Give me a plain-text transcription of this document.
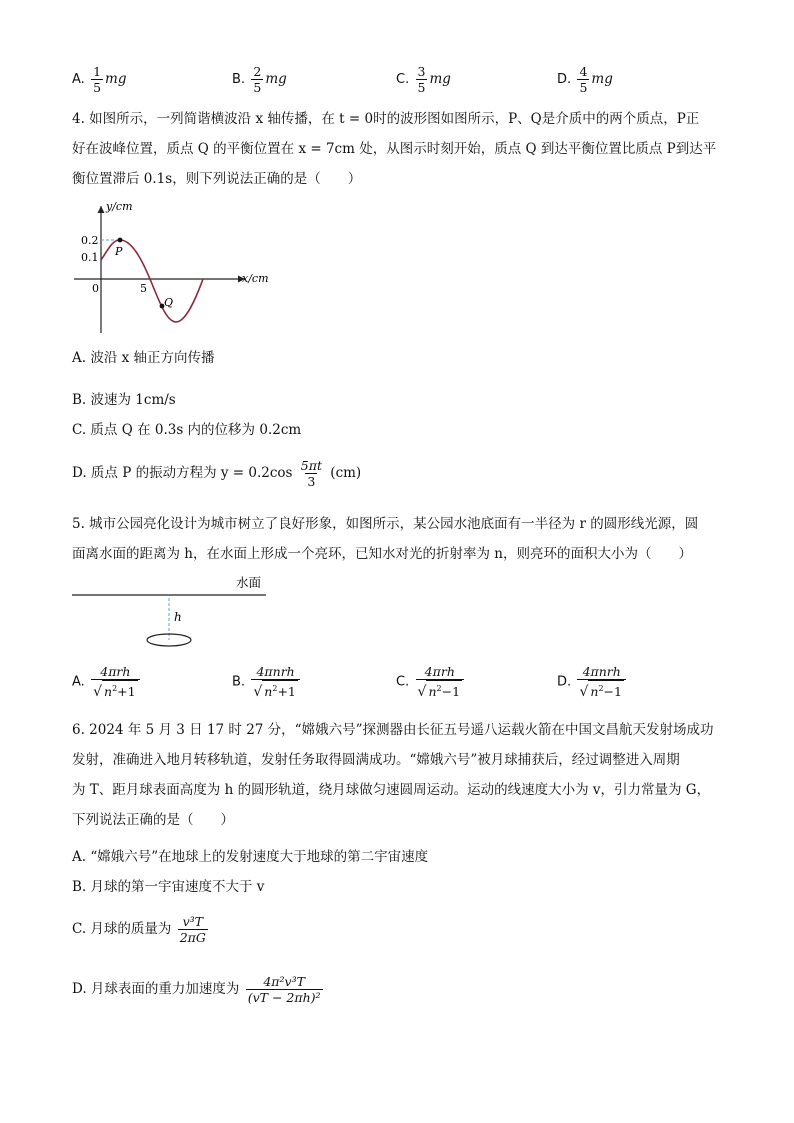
A. $\frac{1}{5}$ mg	B. $\frac{2}{5}$ mg	C. $\frac{3}{5}$ mg	D. $\frac{4}{5}$ mg
4. 如图所示，一列简谐横波沿 x 轴传播，在 t = 0时的波形图如图所示，P、Q是介质中的两个质点，P正
好在波峰位置，质点 Q 的平衡位置在 x = 7cm 处，从图示时刻开始，质点 Q 到达平衡位置比质点 P到达平
衡位置滞后 0.1s，则下列说法正确的是（　　）
y/cm
x/cm
0.2
0.1
0	5
P
Q
A. 波沿 x 轴正方向传播
B. 波速为 1cm/s
C. 质点 Q 在 0.3s 内的位移为 0.2cm
D. 质点 P 的振动方程为 $y = 0.2\cos \frac{5\pi t}{3} (cm)$
5. 城市公园亮化设计为城市树立了良好形象，如图所示，某公园水池底面有一半径为 r 的圆形线光源，圆
面离水面的距离为 h，在水面上形成一个亮环，已知水对光的折射率为 n，则亮环的面积大小为（　　）
水面
h
A. $\frac{\text{4πrh}}{√ n^2+1}$	B. $\frac{\text{4πnrh}}{√ n^2+1}$	C. $\frac{\text{4πrh}}{√ n^2-1}$	D. $\frac{\text{4πnrh}}{√ n^2-1}$
6. 2024 年 5 月 3 日 17 时 27 分，“嫦娥六号”探测器由长征五号遥八运载火箭在中国文昌航天发射场成功
发射，准确进入地月转移轨道，发射任务取得圆满成功。“嫦娥六号”被月球捕获后，经过调整进入周期
为 T、距月球表面高度为 h 的圆形轨道，绕月球做匀速圆周运动。运动的线速度大小为 v，引力常量为 G，
下列说法正确的是（　　）
A. “嫦娥六号”在地球上的发射速度大于地球的第二宇宙速度
B. 月球的第一宇宙速度不大于 v
C. 月球的质量为 $\frac{\text{v³T}}{2\pi G}$
D. 月球表面的重力加速度为 $\frac{\text{4π²v³T}}{\text{(vT − 2πh)²}}$
